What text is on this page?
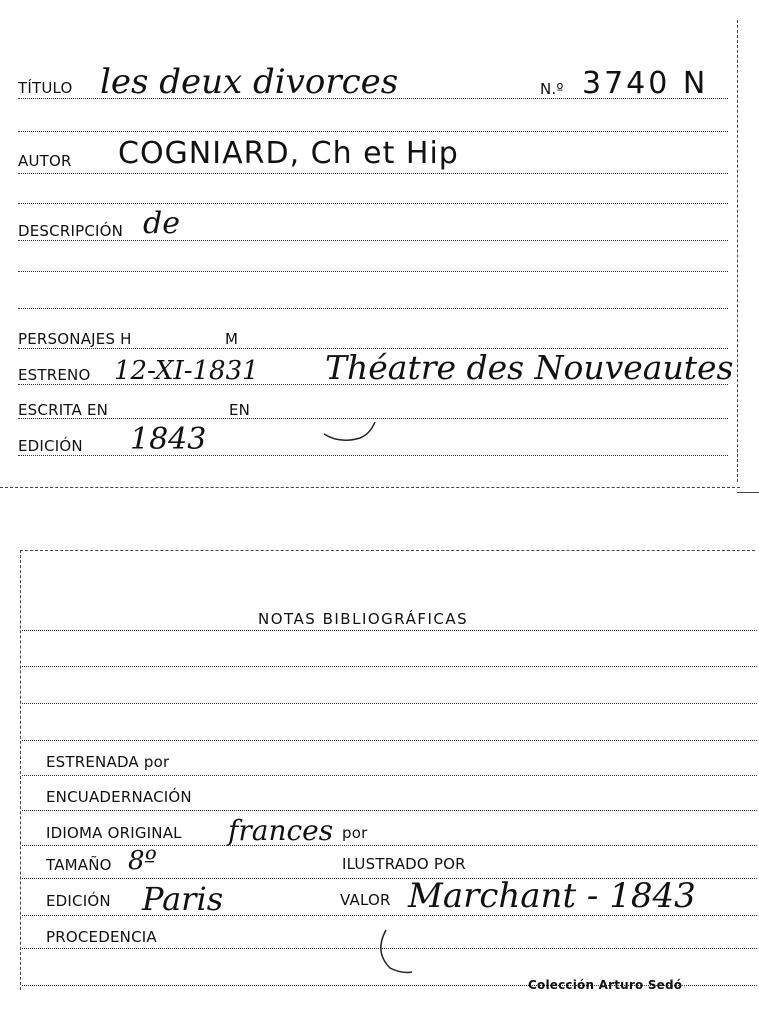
TÍTULO les deux divorces	N.º 3740 N
AUTOR COGNIARD, Ch et Hip
DESCRIPCIÓN de
PERSONAJES H	M
ESTRENO 12-XI-1831 Théatre des Nouveautes
ESCRITA EN	EN
EDICIÓN 1843
NOTAS BIBLIOGRÁFICAS
ESTRENADA por
ENCUADERNACIÓN
IDIOMA ORIGINAL frances por
TAMAÑO 8º	ILUSTRADO POR
EDICIÓN Paris	VALOR Marchant - 1843
PROCEDENCIA
Colección Arturo Sedó
